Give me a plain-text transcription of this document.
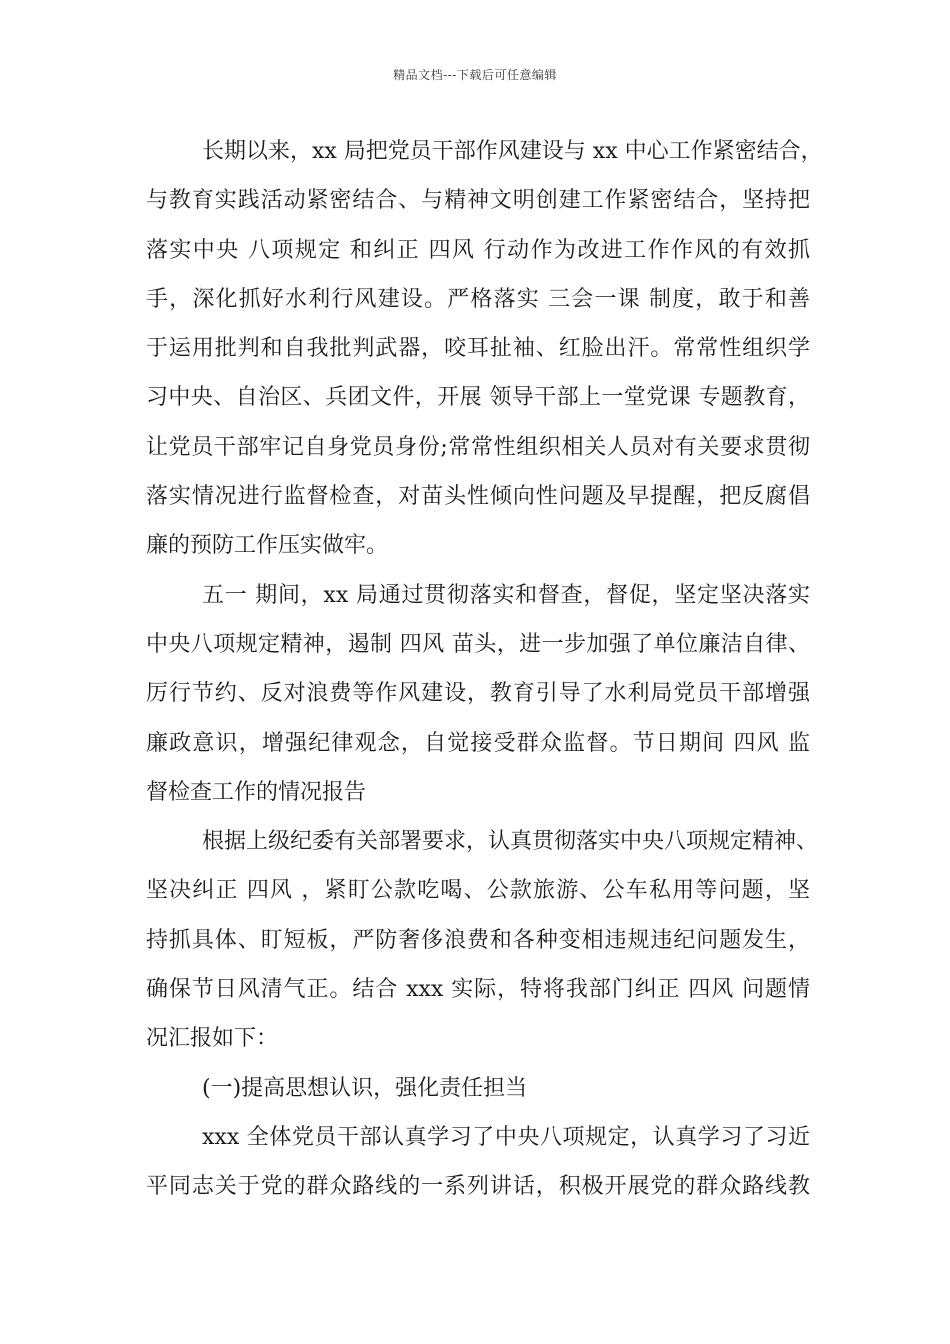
精品文档---下载后可任意编辑
长期以来，xx 局把党员干部作风建设与 xx 中心工作紧密结合，
与教育实践活动紧密结合、与精神文明创建工作紧密结合，坚持把
落实中央 八项规定 和纠正 四风 行动作为改进工作作风的有效抓
手，深化抓好水利行风建设。严格落实 三会一课 制度，敢于和善
于运用批判和自我批判武器，咬耳扯袖、红脸出汗。常常性组织学
习中央、自治区、兵团文件，开展 领导干部上一堂党课 专题教育，
让党员干部牢记自身党员身份;常常性组织相关人员对有关要求贯彻
落实情况进行监督检查，对苗头性倾向性问题及早提醒，把反腐倡
廉的预防工作压实做牢。
五一 期间，xx 局通过贯彻落实和督查，督促，坚定坚决落实
中央八项规定精神，遏制 四风 苗头，进一步加强了单位廉洁自律、
厉行节约、反对浪费等作风建设，教育引导了水利局党员干部增强
廉政意识，增强纪律观念，自觉接受群众监督。节日期间 四风 监
督检查工作的情况报告
根据上级纪委有关部署要求，认真贯彻落实中央八项规定精神、
坚决纠正 四风 ，紧盯公款吃喝、公款旅游、公车私用等问题，坚
持抓具体、盯短板，严防奢侈浪费和各种变相违规违纪问题发生，
确保节日风清气正。结合 xxx 实际，特将我部门纠正 四风 问题情
况汇报如下：
(一)提高思想认识，强化责任担当
xxx 全体党员干部认真学习了中央八项规定，认真学习了习近
平同志关于党的群众路线的一系列讲话，积极开展党的群众路线教
